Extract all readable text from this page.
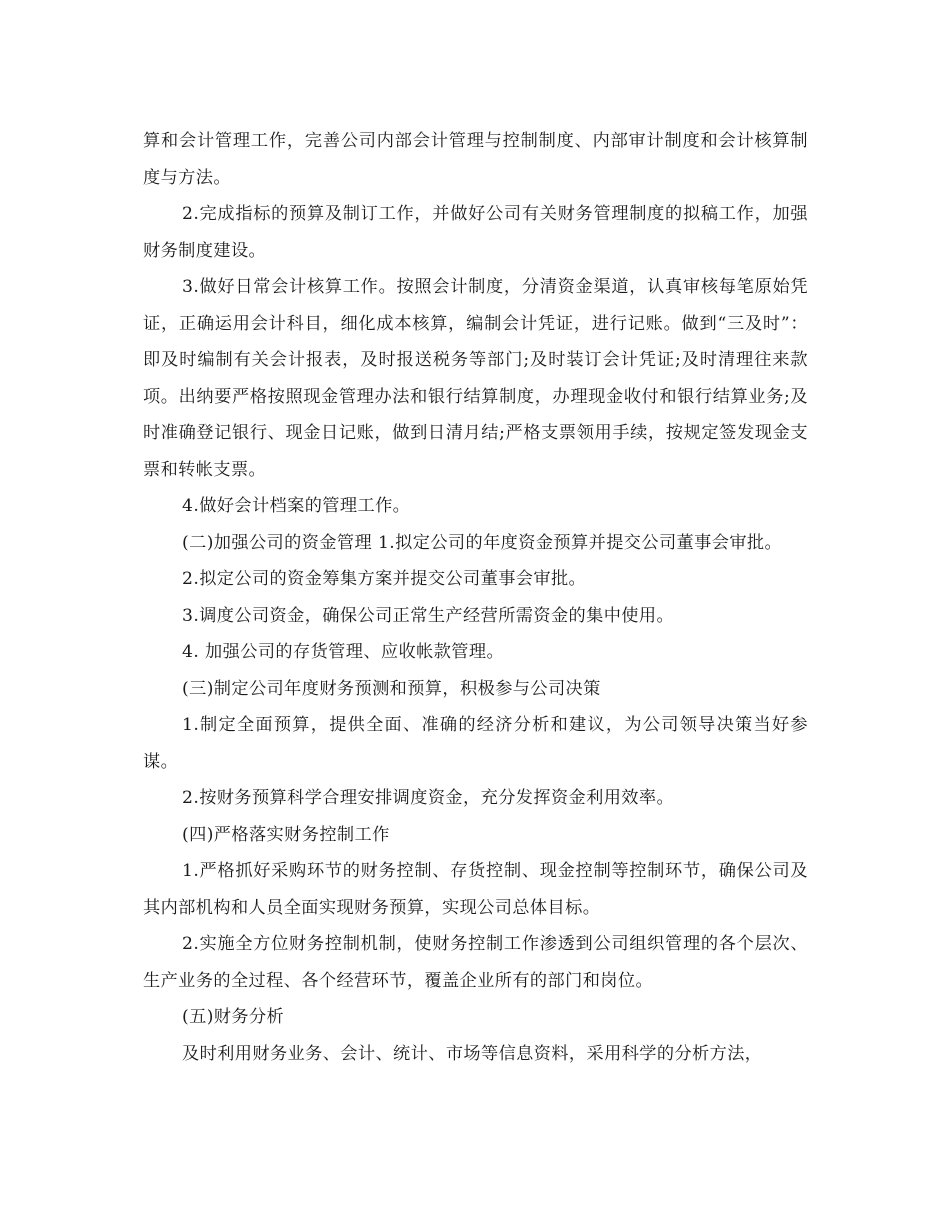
算和会计管理工作，完善公司内部会计管理与控制制度、内部审计制度和会计核算制度与方法。

2.完成指标的预算及制订工作，并做好公司有关财务管理制度的拟稿工作，加强财务制度建设。

3.做好日常会计核算工作。按照会计制度，分清资金渠道，认真审核每笔原始凭证，正确运用会计科目，细化成本核算，编制会计凭证，进行记账。做到“三及时”：即及时编制有关会计报表，及时报送税务等部门;及时装订会计凭证;及时清理往来款项。出纳要严格按照现金管理办法和银行结算制度，办理现金收付和银行结算业务;及时准确登记银行、现金日记账，做到日清月结;严格支票领用手续，按规定签发现金支票和转帐支票。

4.做好会计档案的管理工作。

(二)加强公司的资金管理 1.拟定公司的年度资金预算并提交公司董事会审批。

2.拟定公司的资金筹集方案并提交公司董事会审批。

3.调度公司资金，确保公司正常生产经营所需资金的集中使用。

4. 加强公司的存货管理、应收帐款管理。

(三)制定公司年度财务预测和预算，积极参与公司决策

1.制定全面预算，提供全面、准确的经济分析和建议，为公司领导决策当好参谋。

2.按财务预算科学合理安排调度资金，充分发挥资金利用效率。

(四)严格落实财务控制工作

1.严格抓好采购环节的财务控制、存货控制、现金控制等控制环节，确保公司及其内部机构和人员全面实现财务预算，实现公司总体目标。

2.实施全方位财务控制机制，使财务控制工作渗透到公司组织管理的各个层次、生产业务的全过程、各个经营环节，覆盖企业所有的部门和岗位。

(五)财务分析

及时利用财务业务、会计、统计、市场等信息资料，采用科学的分析方法，
